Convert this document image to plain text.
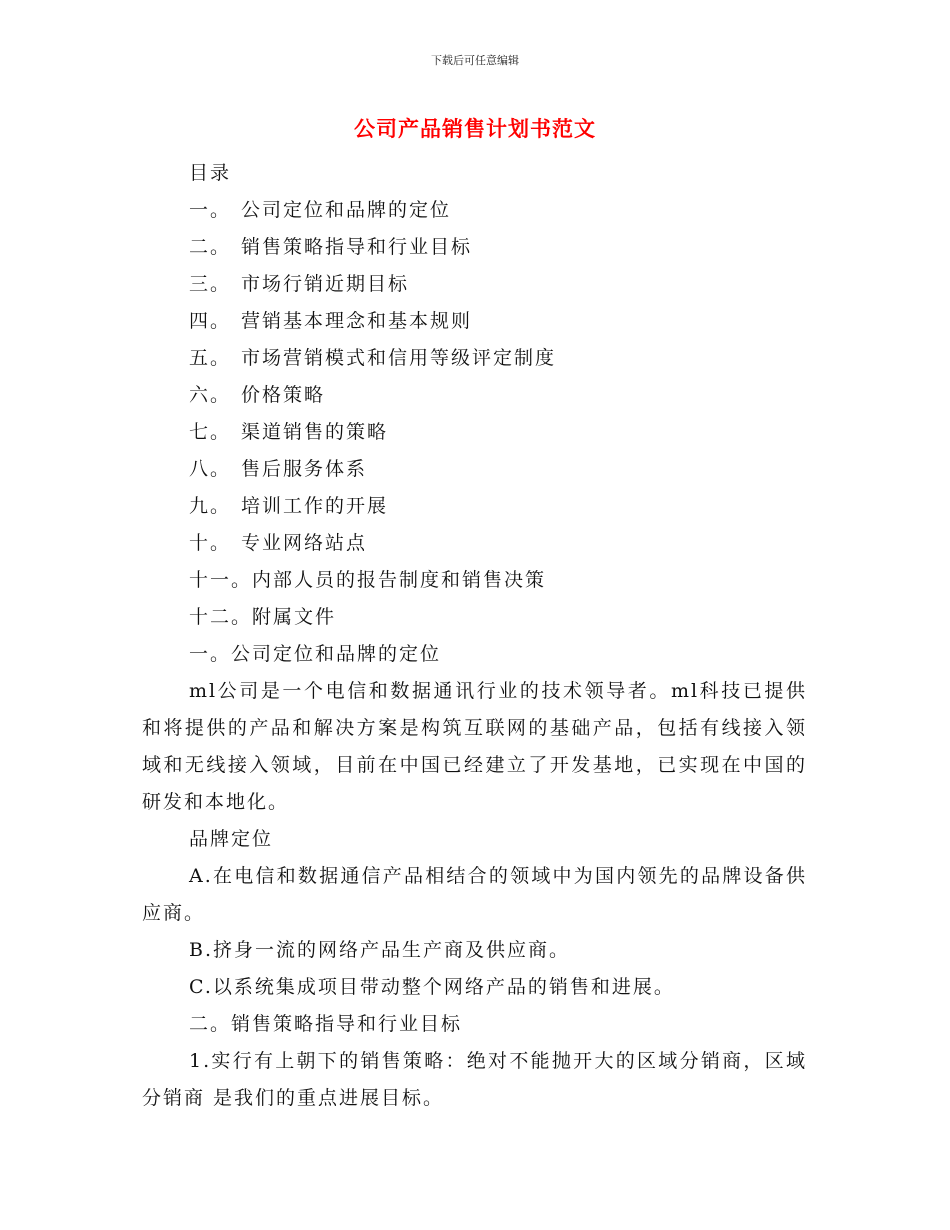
下载后可任意编辑
公司产品销售计划书范文
目录
一。 公司定位和品牌的定位
二。 销售策略指导和行业目标
三。 市场行销近期目标
四。 营销基本理念和基本规则
五。 市场营销模式和信用等级评定制度
六。 价格策略
七。 渠道销售的策略
八。 售后服务体系
九。 培训工作的开展
十。 专业网络站点
十一。内部人员的报告制度和销售决策
十二。附属文件
一。公司定位和品牌的定位
ml公司是一个电信和数据通讯行业的技术领导者。ml科技已提供和将提供的产品和解决方案是构筑互联网的基础产品，包括有线接入领域和无线接入领域，目前在中国已经建立了开发基地，已实现在中国的研发和本地化。
品牌定位
A.在电信和数据通信产品相结合的领域中为国内领先的品牌设备供应商。
B.挤身一流的网络产品生产商及供应商。
C.以系统集成项目带动整个网络产品的销售和进展。
二。销售策略指导和行业目标
1.实行有上朝下的销售策略：绝对不能抛开大的区域分销商，区域分销商 是我们的重点进展目标。
